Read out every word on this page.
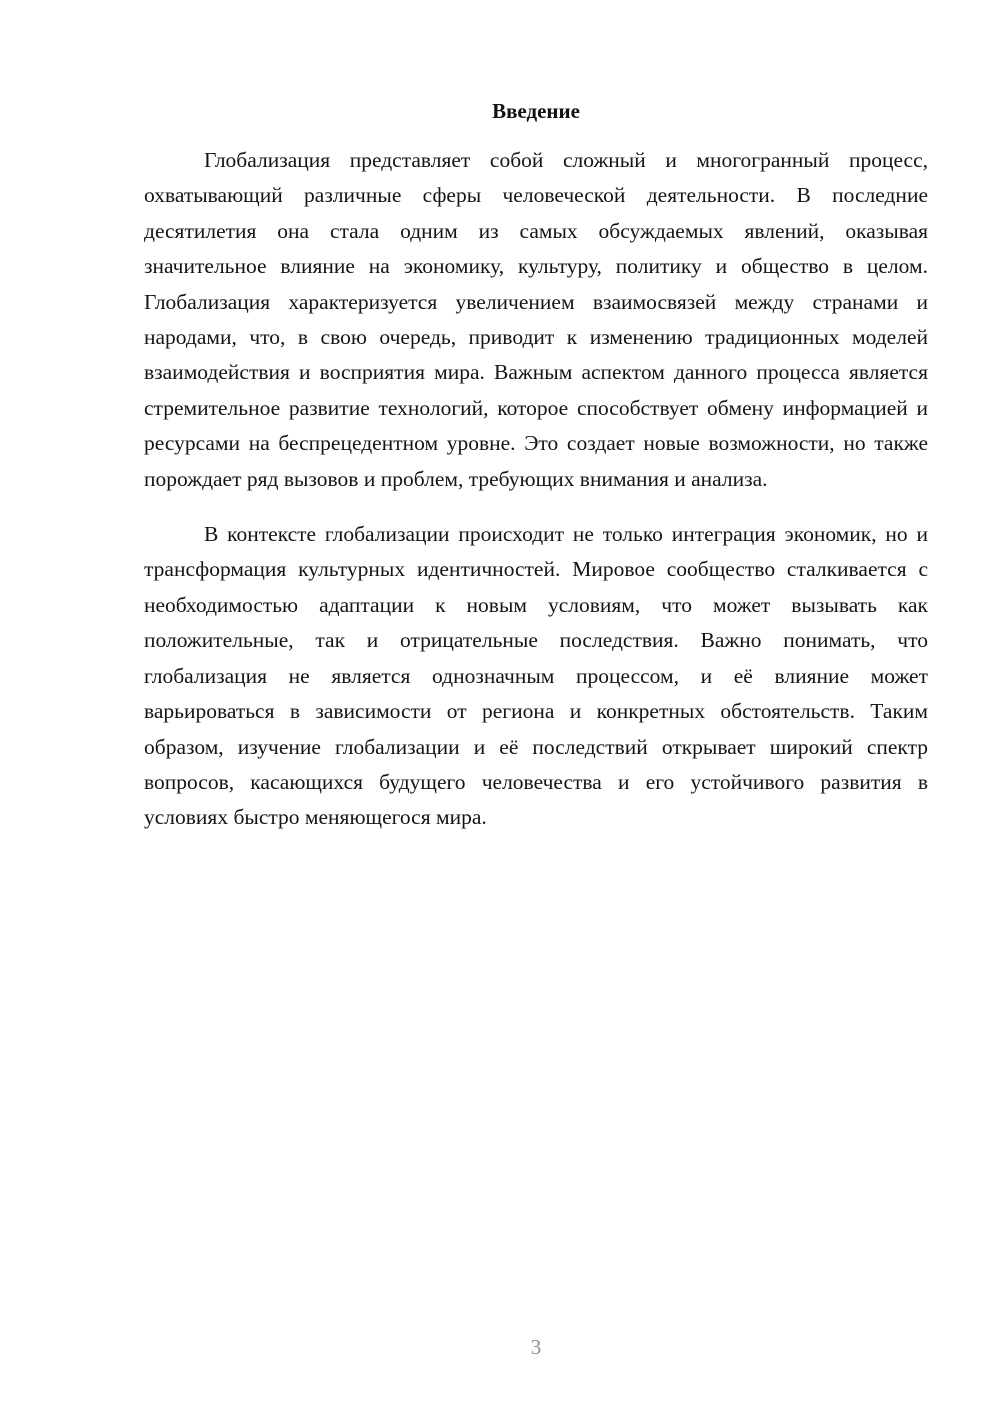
Введение

Глобализация представляет собой сложный и многогранный процесс, охватывающий различные сферы человеческой деятельности. В последние десятилетия она стала одним из самых обсуждаемых явлений, оказывая значительное влияние на экономику, культуру, политику и общество в целом. Глобализация характеризуется увеличением взаимосвязей между странами и народами, что, в свою очередь, приводит к изменению традиционных моделей взаимодействия и восприятия мира. Важным аспектом данного процесса является стремительное развитие технологий, которое способствует обмену информацией и ресурсами на беспрецедентном уровне. Это создает новые возможности, но также порождает ряд вызовов и проблем, требующих внимания и анализа.

В контексте глобализации происходит не только интеграция экономик, но и трансформация культурных идентичностей. Мировое сообщество сталкивается с необходимостью адаптации к новым условиям, что может вызывать как положительные, так и отрицательные последствия. Важно понимать, что глобализация не является однозначным процессом, и её влияние может варьироваться в зависимости от региона и конкретных обстоятельств. Таким образом, изучение глобализации и её последствий открывает широкий спектр вопросов, касающихся будущего человечества и его устойчивого развития в условиях быстро меняющегося мира.

3
